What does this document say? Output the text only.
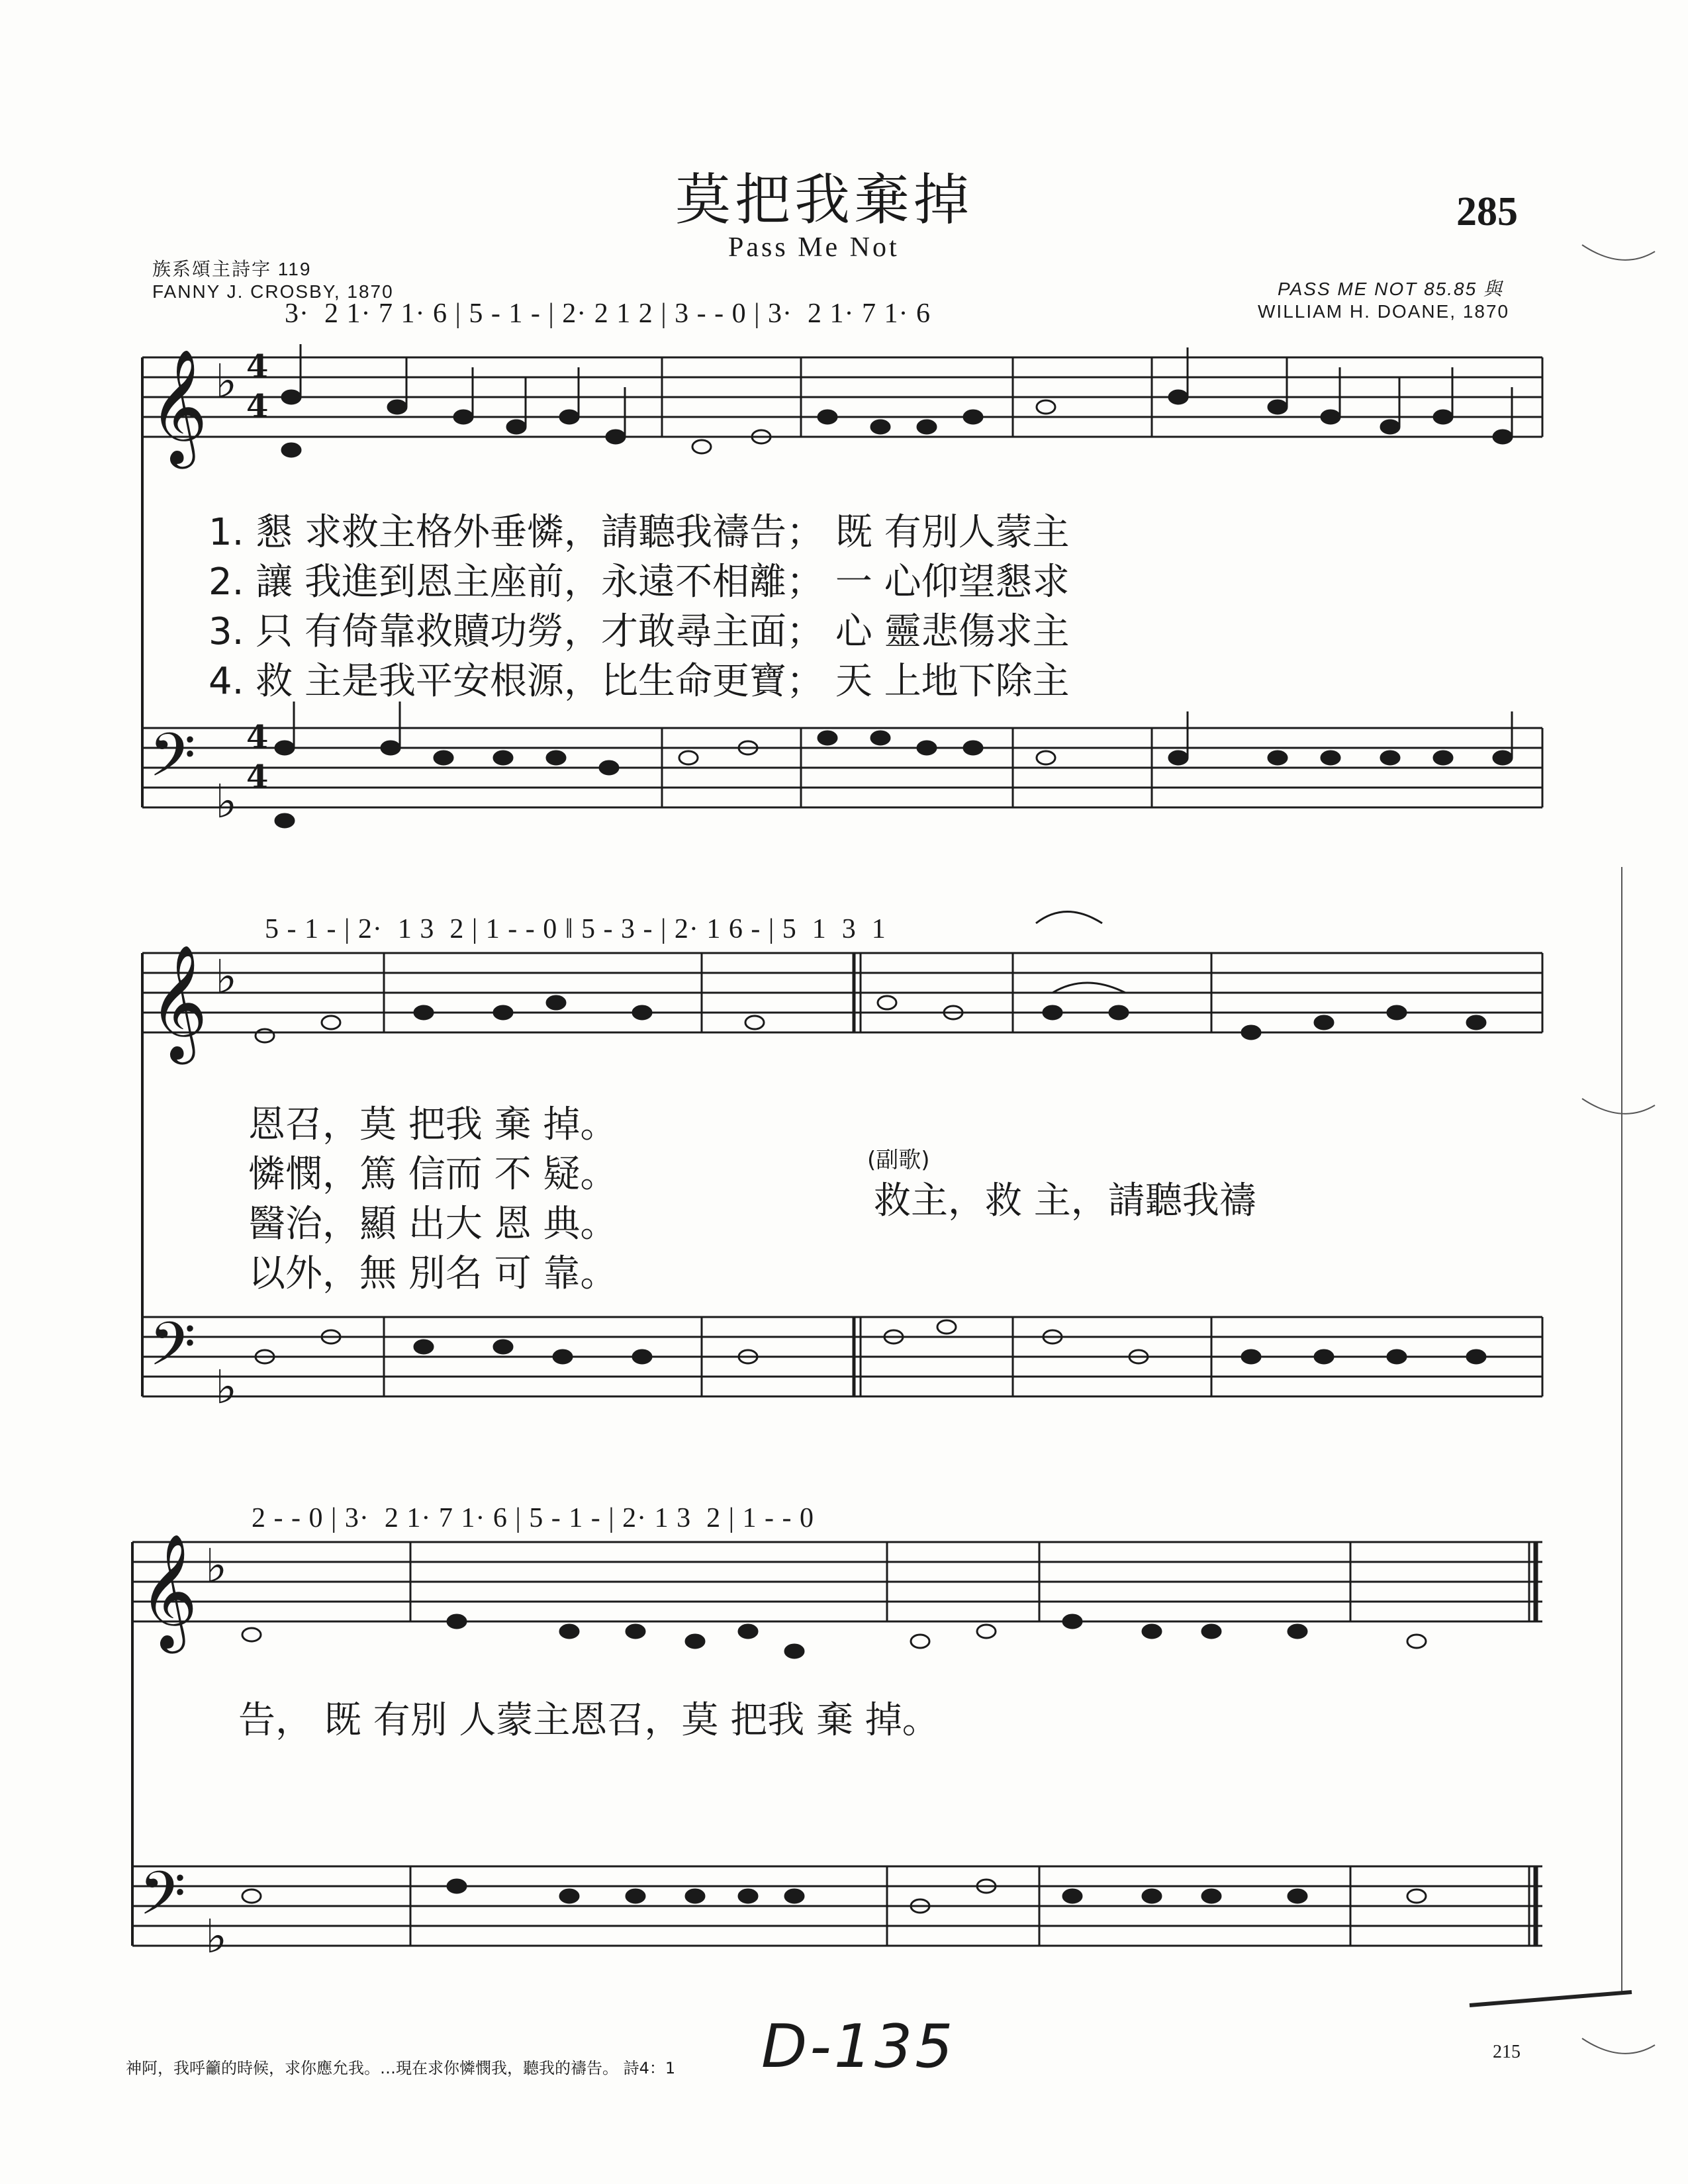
莫把我棄掉
Pass Me Not
285
族系頌主詩字 119
FANNY J. CROSBY, 1870	PASS ME NOT 85.85 與
WILLIAM H. DOANE, 1870
𝄞
𝄢
𝄞
𝄢
𝄞
𝄢
♭
♭
♭
♭
♭
♭
4
4
4
4
3·  2 1· 7 1· 6 | 5 - 1 - | 2· 2 1 2 | 3 - - 0 | 3·  2 1· 7 1· 6
1. 懇 求救主格外垂憐，請聽我禱告； 既 有別人蒙主
2. 讓 我進到恩主座前，永遠不相離； 一 心仰望懇求
3. 只 有倚靠救贖功勞，才敢尋主面； 心 靈悲傷求主
4. 救 主是我平安根源，比生命更寶； 天 上地下除主
5 - 1 - | 2·  1 3  2 | 1 - - 0 ‖ 5 - 3 - | 2· 1 6 - | 5  1  3  1
恩召，莫 把我 棄 掉。
憐憫，篤 信而 不 疑。
醫治，顯 出大 恩 典。
以外，無 別名 可 靠。
(副歌)
救主，救 主，請聽我禱
2 - - 0 | 3·  2 1· 7 1· 6 | 5 - 1 - | 2· 1 3  2 | 1 - - 0
告， 既 有別 人蒙主恩召，莫 把我 棄 掉。
神阿，我呼籲的時候，求你應允我。…現在求你憐憫我，聽我的禱告。 詩4：1
215
D-135
